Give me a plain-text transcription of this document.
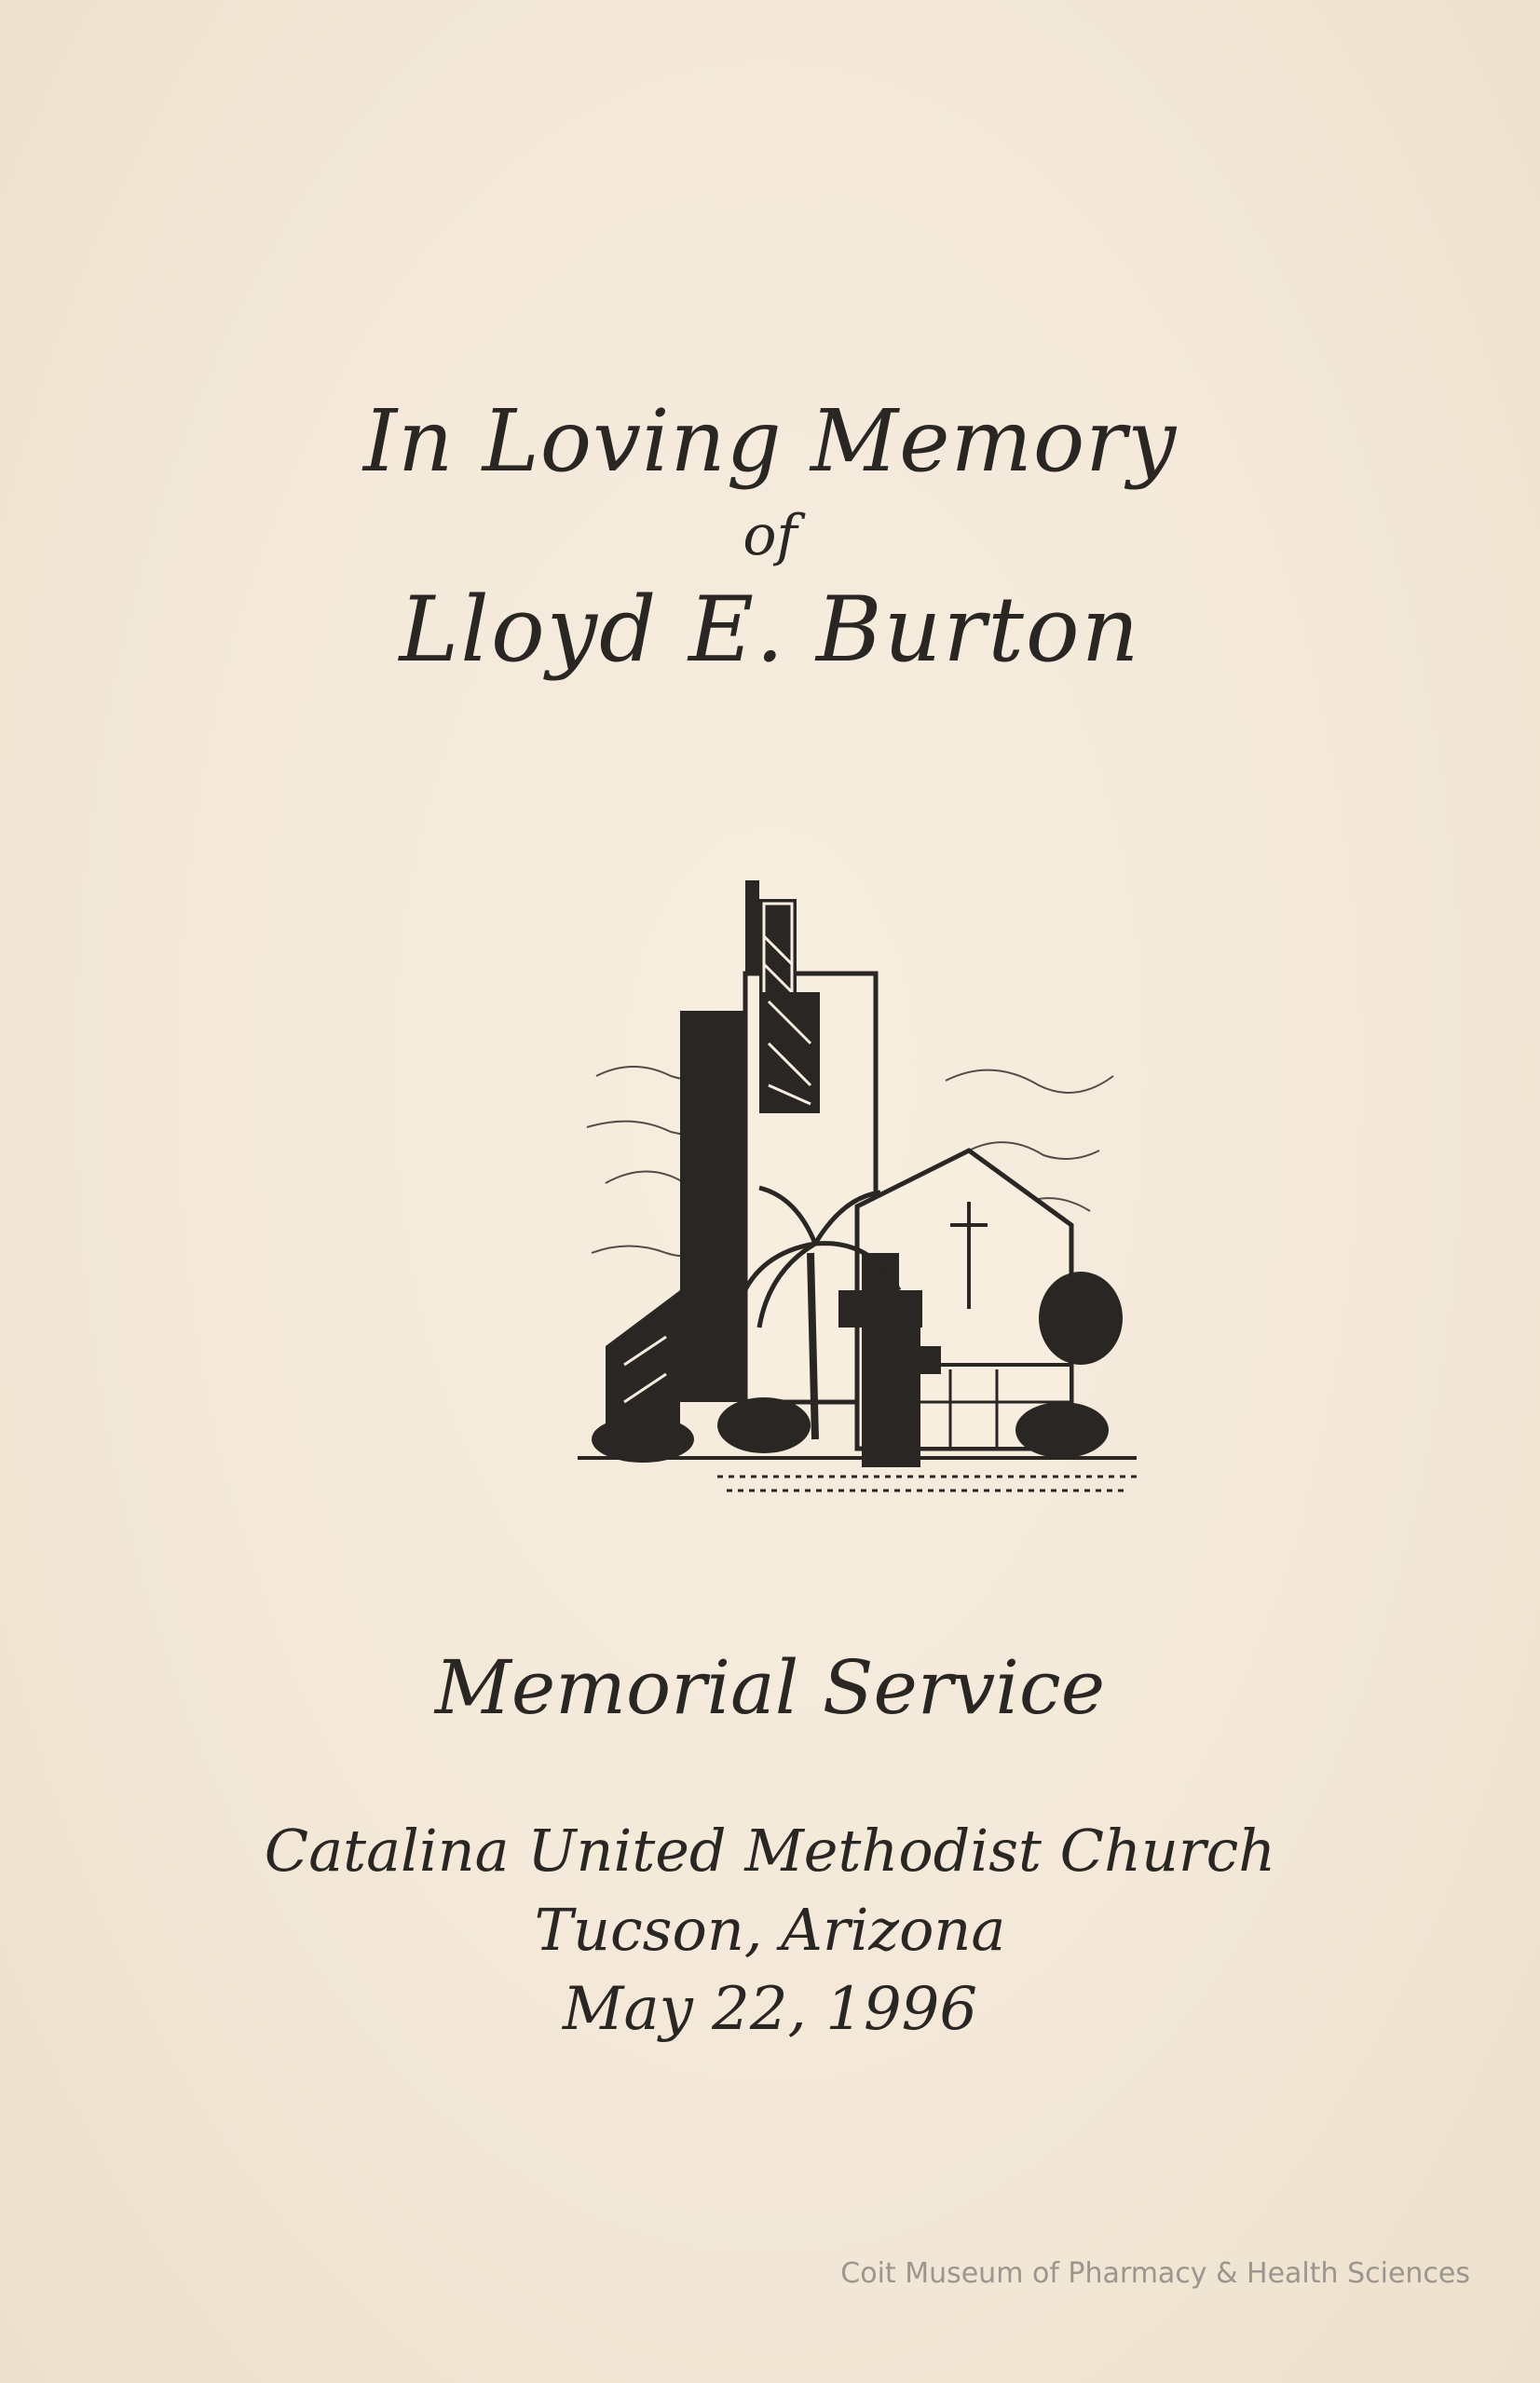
In Loving Memory
of
Lloyd E. Burton
Memorial Service
Catalina United Methodist Church
Tucson, Arizona
May 22, 1996
Coit Museum of Pharmacy & Health Sciences
